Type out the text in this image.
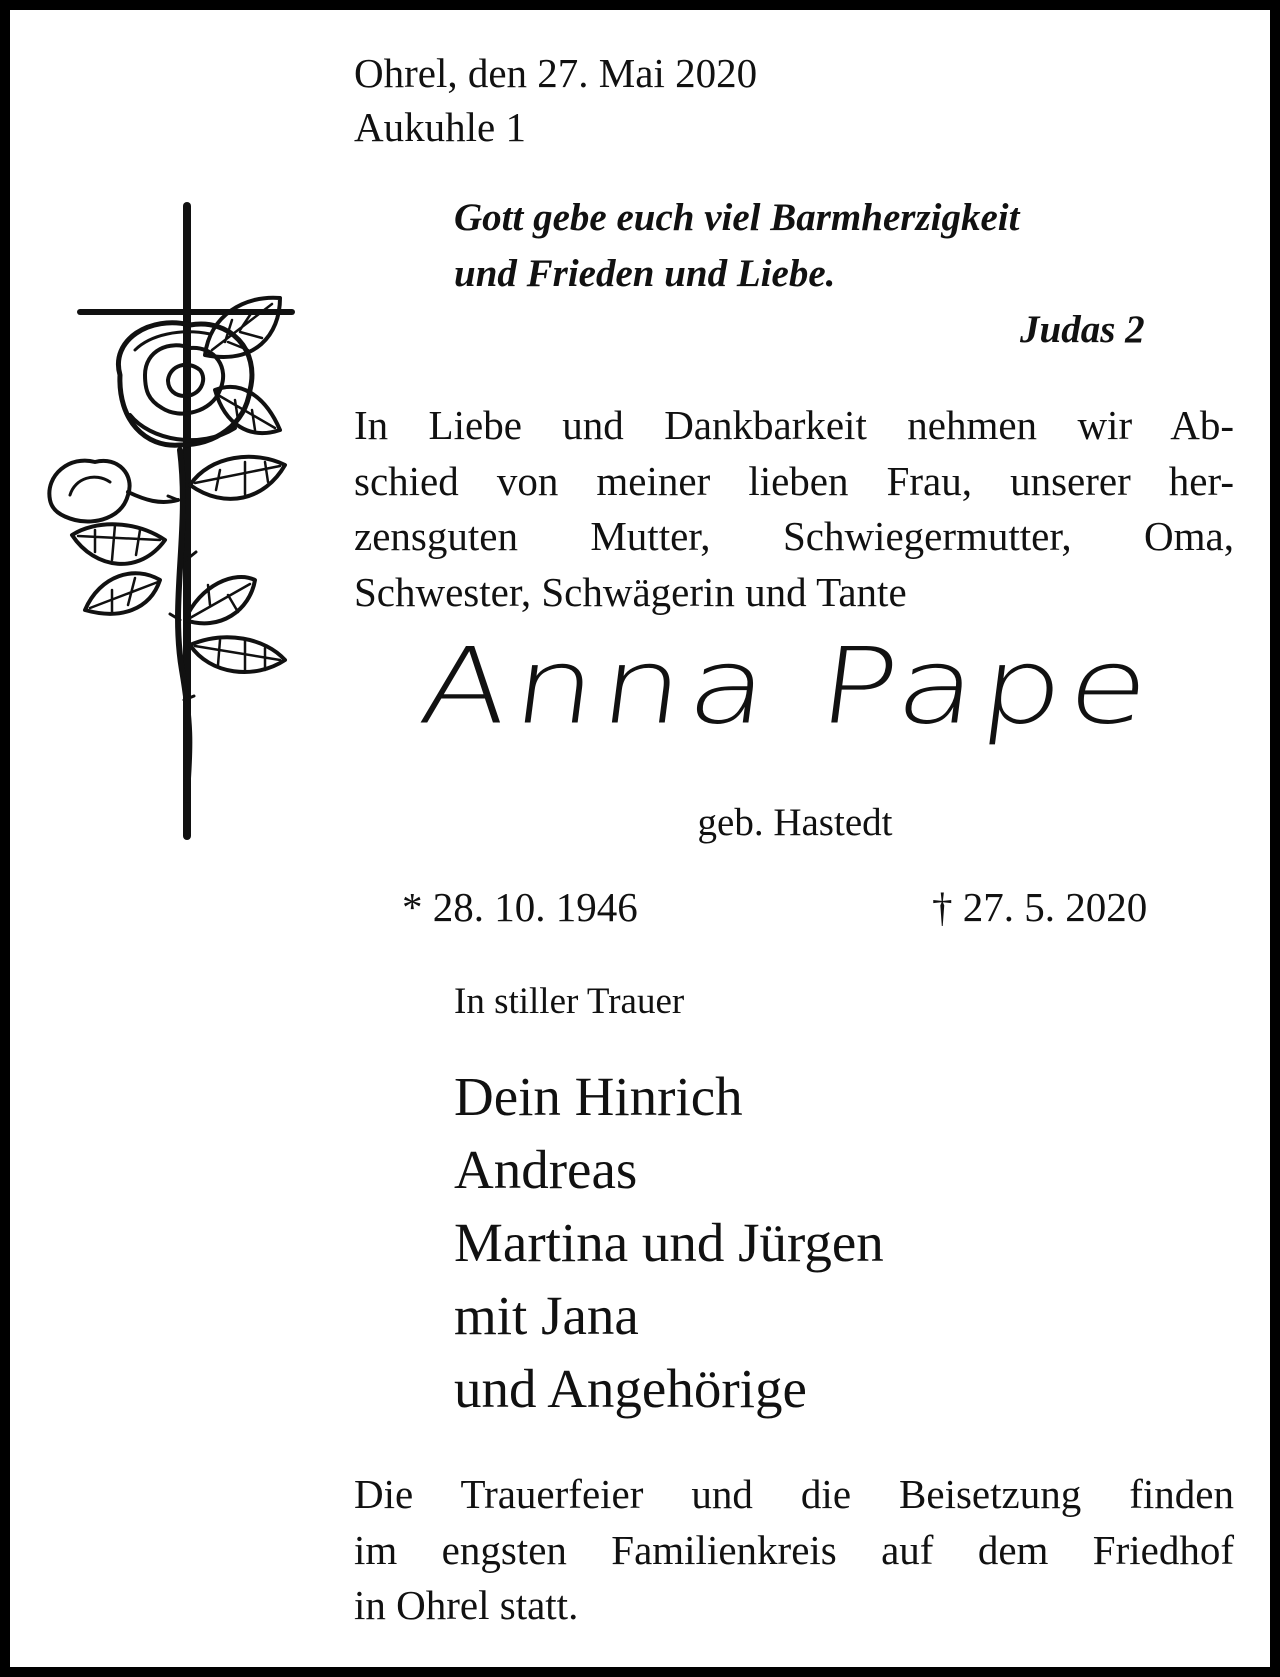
Ohrel, den 27. Mai 2020
Aukuhle 1
Gott gebe euch viel Barmherzigkeit
und Frieden und Liebe.
Judas 2
In Liebe und Dankbarkeit nehmen wir Ab-
schied von meiner lieben Frau, unserer her-
zensguten Mutter, Schwiegermutter, Oma,
Schwester, Schwägerin und Tante
Anna Pape
geb. Hastedt
* 28. 10. 1946	† 27. 5. 2020
In stiller Trauer
Dein Hinrich
Andreas
Martina und Jürgen
mit Jana
und Angehörige
Die Trauerfeier und die Beisetzung finden
im engsten Familienkreis auf dem Friedhof
in Ohrel statt.
